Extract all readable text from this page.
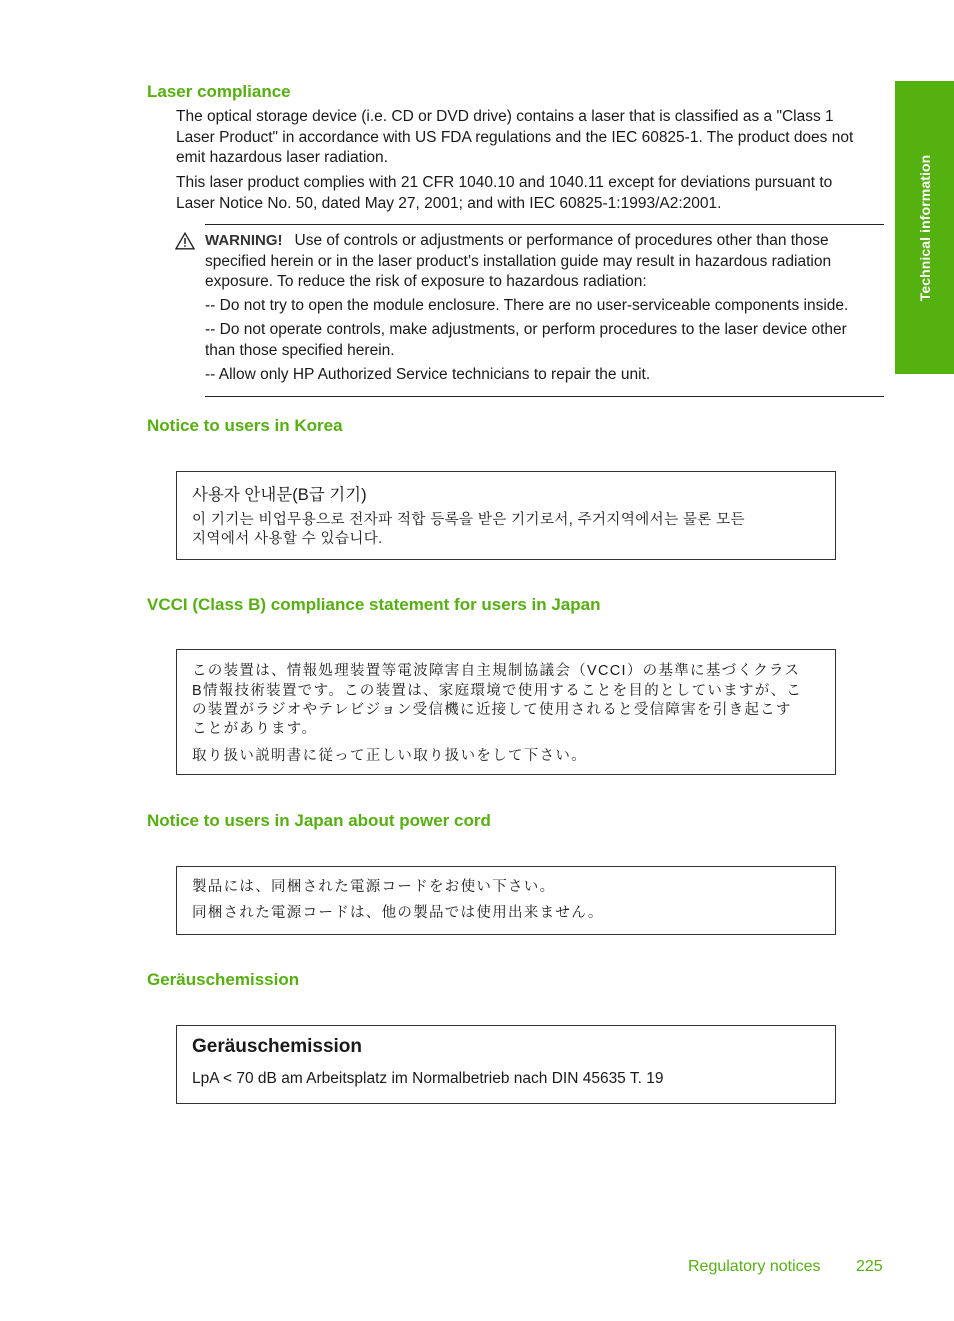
Technical information
Laser compliance

The optical storage device (i.e. CD or DVD drive) contains a laser that is classified as a "Class 1
Laser Product" in accordance with US FDA regulations and the IEC 60825-1. The product does not
emit hazardous laser radiation.

This laser product complies with 21 CFR 1040.10 and 1040.11 except for deviations pursuant to
Laser Notice No. 50, dated May 27, 2001; and with IEC 60825-1:1993/A2:2001.

WARNING! Use of controls or adjustments or performance of procedures other than those
specified herein or in the laser product’s installation guide may result in hazardous radiation
exposure. To reduce the risk of exposure to hazardous radiation:

-- Do not try to open the module enclosure. There are no user-serviceable components inside.

-- Do not operate controls, make adjustments, or perform procedures to the laser device other
than those specified herein.

-- Allow only HP Authorized Service technicians to repair the unit.

Notice to users in Korea

사용자 안내문(B급 기기)

이 기기는 비업무용으로 전자파 적합 등록을 받은 기기로서, 주거지역에서는 물론 모든

지역에서 사용할 수 있습니다.

VCCI (Class B) compliance statement for users in Japan

この装置は、情報処理装置等電波障害自主規制協議会（VCCI）の基準に基づくクラス

B情報技術装置です。この装置は、家庭環境で使用することを目的としていますが、こ

の装置がラジオやテレビジョン受信機に近接して使用されると受信障害を引き起こす

ことがあります。

取り扱い説明書に従って正しい取り扱いをして下さい。

Notice to users in Japan about power cord

製品には、同梱された電源コードをお使い下さい。

同梱された電源コードは、他の製品では使用出来ません。

Geräuschemission

Geräuschemission

LpA < 70 dB am Arbeitsplatz im Normalbetrieb nach DIN 45635 T. 19

Regulatory notices 225
